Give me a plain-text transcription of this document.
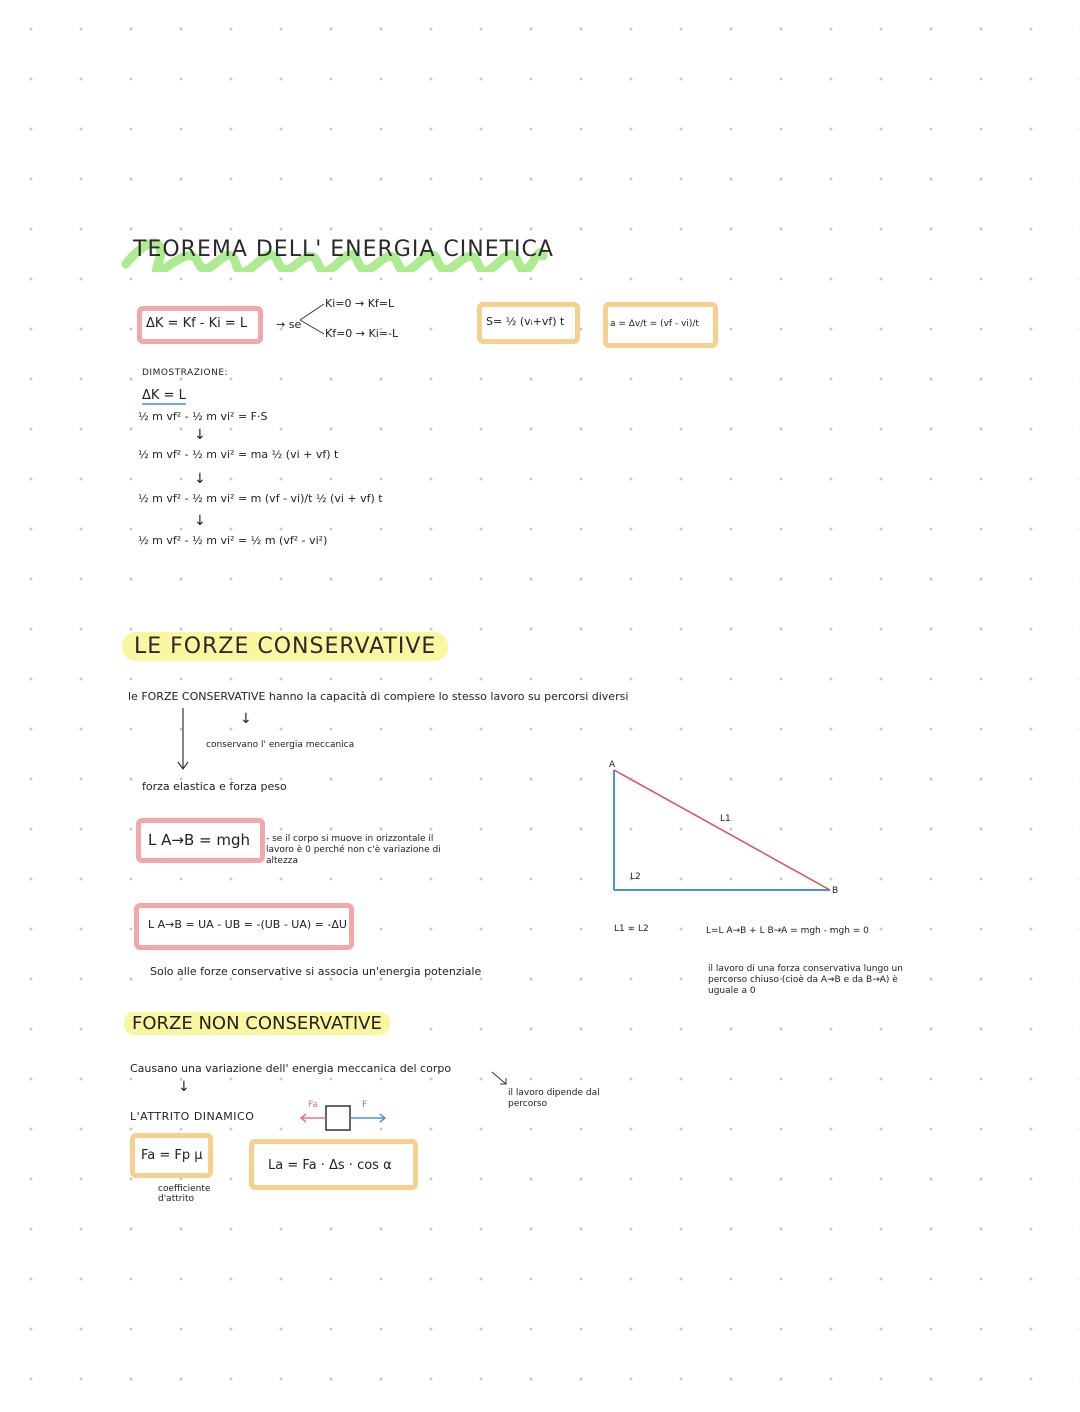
TEOREMA DELL' ENERGIA CINETICA
ΔK = Kf - Ki = L	→ se
Ki=0 → Kf=L
Kf=0 → Ki=-L
S= ½ (vᵢ+vf) t	a = Δv/t = (vf - vi)/t
DIMOSTRAZIONE:
ΔK = L
½ m vf² - ½ m vi² = F·S
↓
½ m vf² - ½ m vi² = ma ½ (vi + vf) t
↓
½ m vf² - ½ m vi² = m (vf - vi)/t ½ (vi + vf) t
↓
½ m vf² - ½ m vi² = ½ m (vf² - vi²)
LE FORZE CONSERVATIVE
le FORZE CONSERVATIVE hanno la capacità di compiere lo stesso lavoro su percorsi diversi
↓
conservano l' energia meccanica
forza elastica e forza peso
L A→B = mgh - se il corpo si muove in orizzontale il lavoro è 0 perché non c'è variazione di altezza
L A→B = UA - UB = -(UB - UA) = -ΔU
Solo alle forze conservative si associa un'energia potenziale
A
B
L1
L2
L1 = L2	L=L A→B + L B→A = mgh - mgh = 0
il lavoro di una forza conservativa lungo un percorso chiuso (cioè da A→B e da B→A) è uguale a 0
FORZE NON CONSERVATIVE
Causano una variazione dell' energia meccanica del corpo
il lavoro dipende dal percorso
↓
L'ATTRITO DINAMICO
Fa	F
Fa = Fp μ
coefficiente d'attrito
La = Fa · Δs · cos α
